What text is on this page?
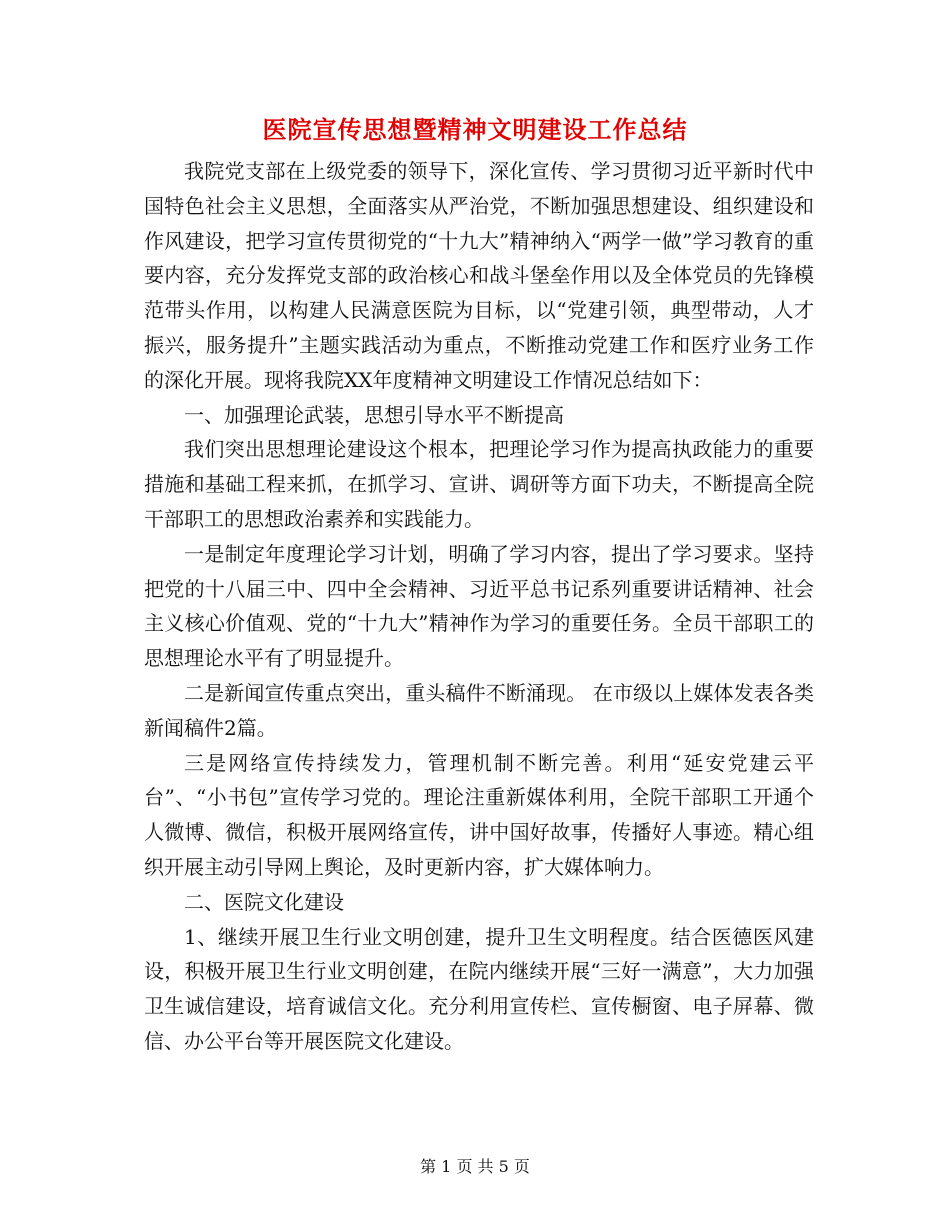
医院宣传思想暨精神文明建设工作总结

我院党支部在上级党委的领导下，深化宣传、学习贯彻习近平新时代中国特色社会主义思想，全面落实从严治党，不断加强思想建设、组织建设和作风建设，把学习宣传贯彻党的“十九大”精神纳入“两学一做”学习教育的重要内容，充分发挥党支部的政治核心和战斗堡垒作用以及全体党员的先锋模范带头作用，以构建人民满意医院为目标，以“党建引领，典型带动，人才振兴，服务提升”主题实践活动为重点，不断推动党建工作和医疗业务工作的深化开展。现将我院XX年度精神文明建设工作情况总结如下：

一、加强理论武装，思想引导水平不断提高

我们突出思想理论建设这个根本，把理论学习作为提高执政能力的重要措施和基础工程来抓，在抓学习、宣讲、调研等方面下功夫，不断提高全院干部职工的思想政治素养和实践能力。

一是制定年度理论学习计划，明确了学习内容，提出了学习要求。坚持把党的十八届三中、四中全会精神、习近平总书记系列重要讲话精神、社会主义核心价值观、党的“十九大”精神作为学习的重要任务。全员干部职工的思想理论水平有了明显提升。

二是新闻宣传重点突出，重头稿件不断涌现。 在市级以上媒体发表各类新闻稿件2篇。

三是网络宣传持续发力，管理机制不断完善。利用“延安党建云平台”、“小书包”宣传学习党的。理论注重新媒体利用，全院干部职工开通个人微博、微信，积极开展网络宣传，讲中国好故事，传播好人事迹。精心组织开展主动引导网上舆论，及时更新内容，扩大媒体响力。

二、医院文化建设

1、继续开展卫生行业文明创建，提升卫生文明程度。结合医德医风建设，积极开展卫生行业文明创建，在院内继续开展“三好一满意”，大力加强卫生诚信建设，培育诚信文化。充分利用宣传栏、宣传橱窗、电子屏幕、微信、办公平台等开展医院文化建设。

第 1 页 共 5 页
